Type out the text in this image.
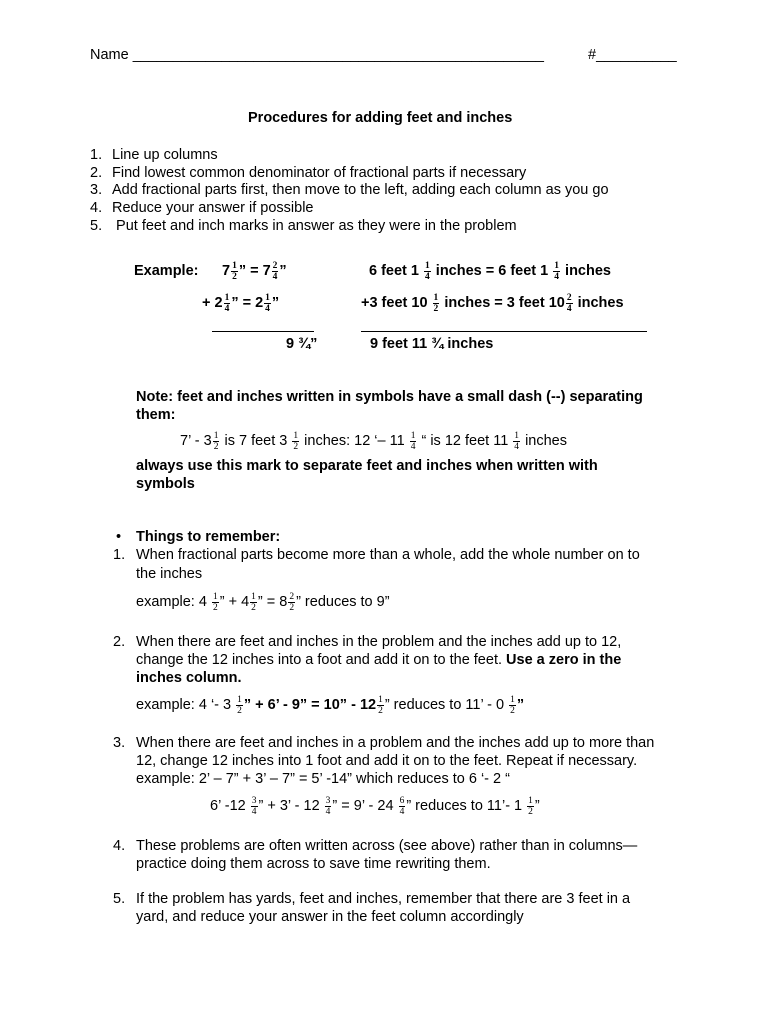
Name ___________________________________________________	#__________
Procedures for adding feet and inches
1. Line up columns
2. Find lowest common denominator of fractional parts if necessary
3. Add fractional parts first, then move to the left, adding each column as you go
4. Reduce your answer if possible
5. Put feet and inch marks in answer as they were in the problem
Example: $7 \frac{1}{2}$ ” = $7 \frac{2}{4}$ ”
+ $2 \frac{1}{4}$ ” = $2 \frac{1}{4}$ ”
9 ¾”
6 feet $1 \frac{1}{4}$ inches = 6 feet $1 \frac{1}{4}$ inches
+3 feet $10 \frac{1}{2}$ inches = 3 feet $10 \frac{2}{4}$ inches
9 feet 11 ¾ inches
Note: feet and inches written in symbols have a small dash (--) separating
them:
7’ - $3 \frac{1}{2}$ is 7 feet $3 \frac{1}{2}$ inches: 12 ‘– $11 \frac{1}{4}$ “ is 12 feet $11 \frac{1}{4}$ inches
always use this mark to separate feet and inches when written with
symbols
• Things to remember:
1. When fractional parts become more than a whole, add the whole number on to
the inches
example: $4 \frac{1}{2}$ ” + $4 \frac{1}{2}$ ” = $8 \frac{2}{2}$ ” reduces to 9”
2. When there are feet and inches in the problem and the inches add up to 12,
change the 12 inches into a foot and add it on to the feet. Use a zero in the
inches column.
example: 4 ‘- $3 \frac{1}{2}$ ” + 6’ - 9” = 10” - $12 \frac{1}{2}$ ” reduces to 11’ - $0 \frac{1}{2}$ ”
3. When there are feet and inches in a problem and the inches add up to more than
12, change 12 inches into 1 foot and add it on to the feet. Repeat if necessary.
example: 2’ – 7” + 3’ – 7” = 5’ -14” which reduces to 6 ‘- 2 “
6’ $-12 \frac{3}{4}$ ” + 3’ - $12 \frac{3}{4}$ ” = 9’ - $24 \frac{6}{4}$ ” reduces to 11’- $1 \frac{1}{2}$ ”
4. These problems are often written across (see above) rather than in columns—
practice doing them across to save time rewriting them.
5. If the problem has yards, feet and inches, remember that there are 3 feet in a
yard, and reduce your answer in the feet column accordingly
